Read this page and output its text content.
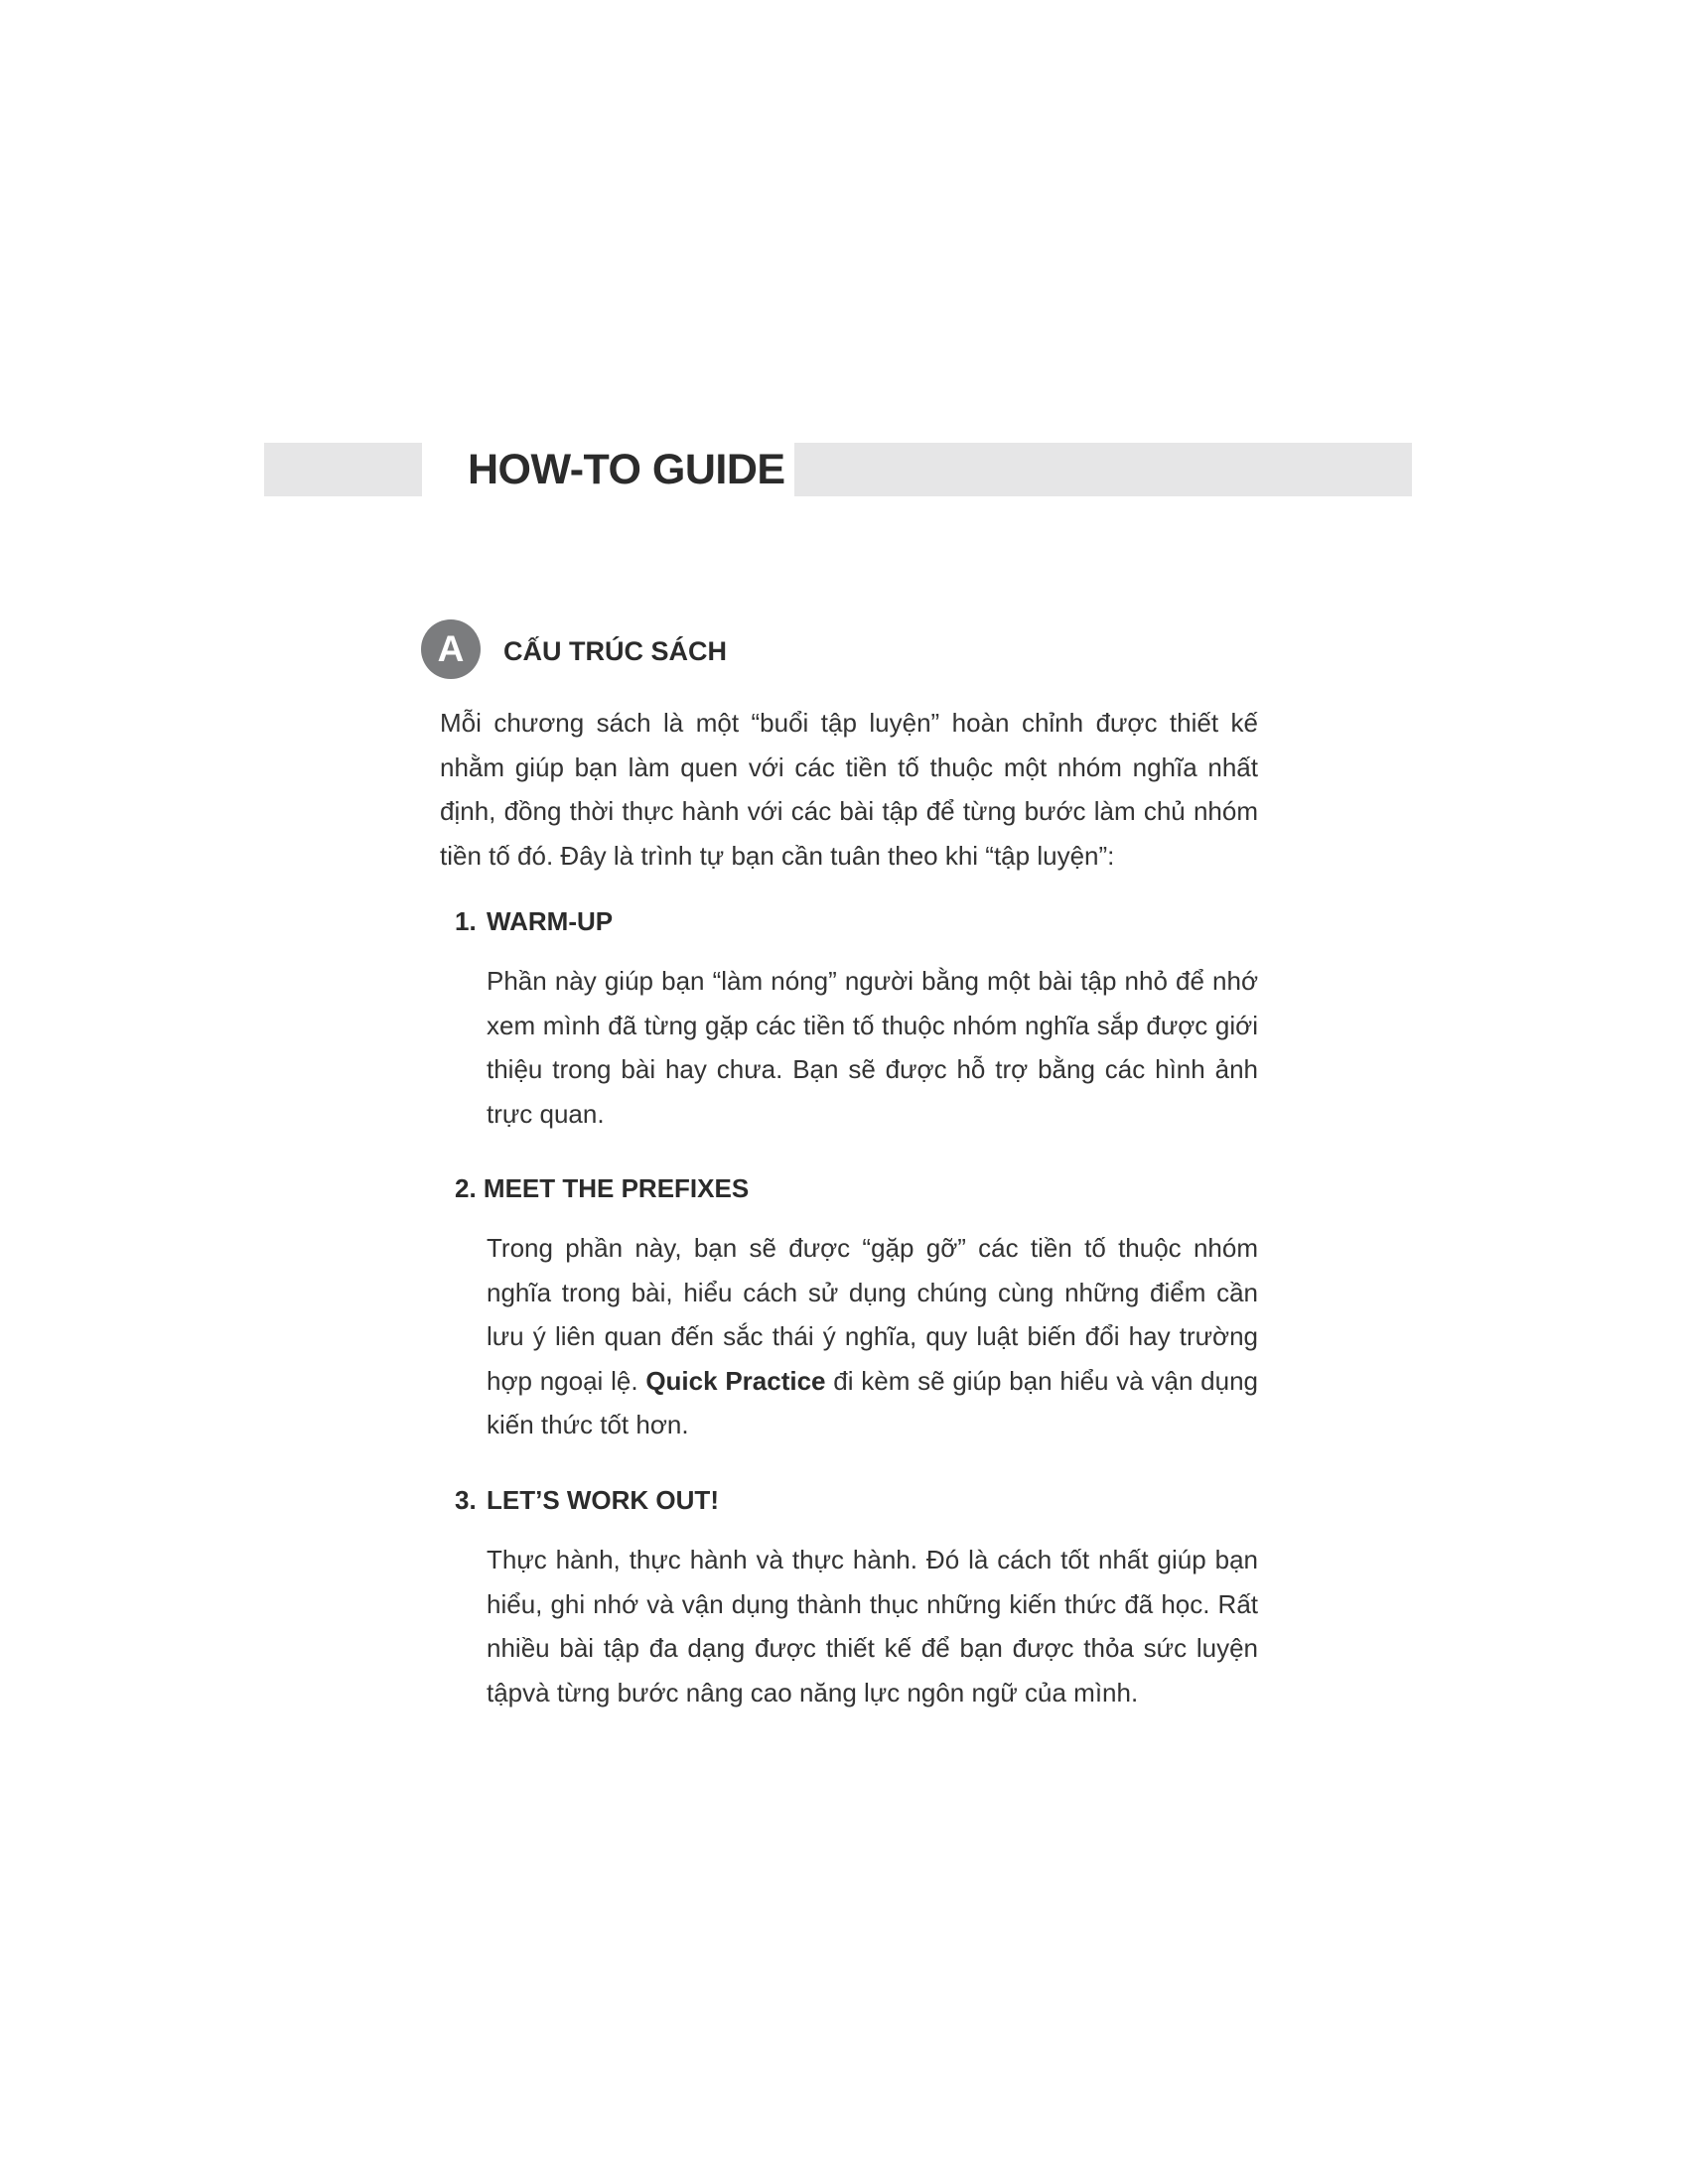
HOW-TO GUIDE
A	CẤU TRÚC SÁCH

Mỗi chương sách là một “buổi tập luyện” hoàn chỉnh được thiết kế nhằm giúp bạn làm quen với các tiền tố thuộc một nhóm nghĩa nhất định, đồng thời thực hành với các bài tập để từng bước làm chủ nhóm tiền tố đó. Đây là trình tự bạn cần tuân theo khi “tập luyện”:

1. WARM-UP

Phần này giúp bạn “làm nóng” người bằng một bài tập nhỏ để nhớ xem mình đã từng gặp các tiền tố thuộc nhóm nghĩa sắp được giới thiệu trong bài hay chưa. Bạn sẽ được hỗ trợ bằng các hình ảnh trực quan.

2. MEET THE PREFIXES

Trong phần này, bạn sẽ được “gặp gỡ” các tiền tố thuộc nhóm nghĩa trong bài, hiểu cách sử dụng chúng cùng những điểm cần lưu ý liên quan đến sắc thái ý nghĩa, quy luật biến đổi hay trường hợp ngoại lệ. Quick Practice đi kèm sẽ giúp bạn hiểu và vận dụng kiến thức tốt hơn.

3. LET’S WORK OUT!

Thực hành, thực hành và thực hành. Đó là cách tốt nhất giúp bạn hiểu, ghi nhớ và vận dụng thành thục những kiến thức đã học. Rất nhiều bài tập đa dạng được thiết kế để bạn được thỏa sức luyện tậpvà từng bước nâng cao năng lực ngôn ngữ của mình.
